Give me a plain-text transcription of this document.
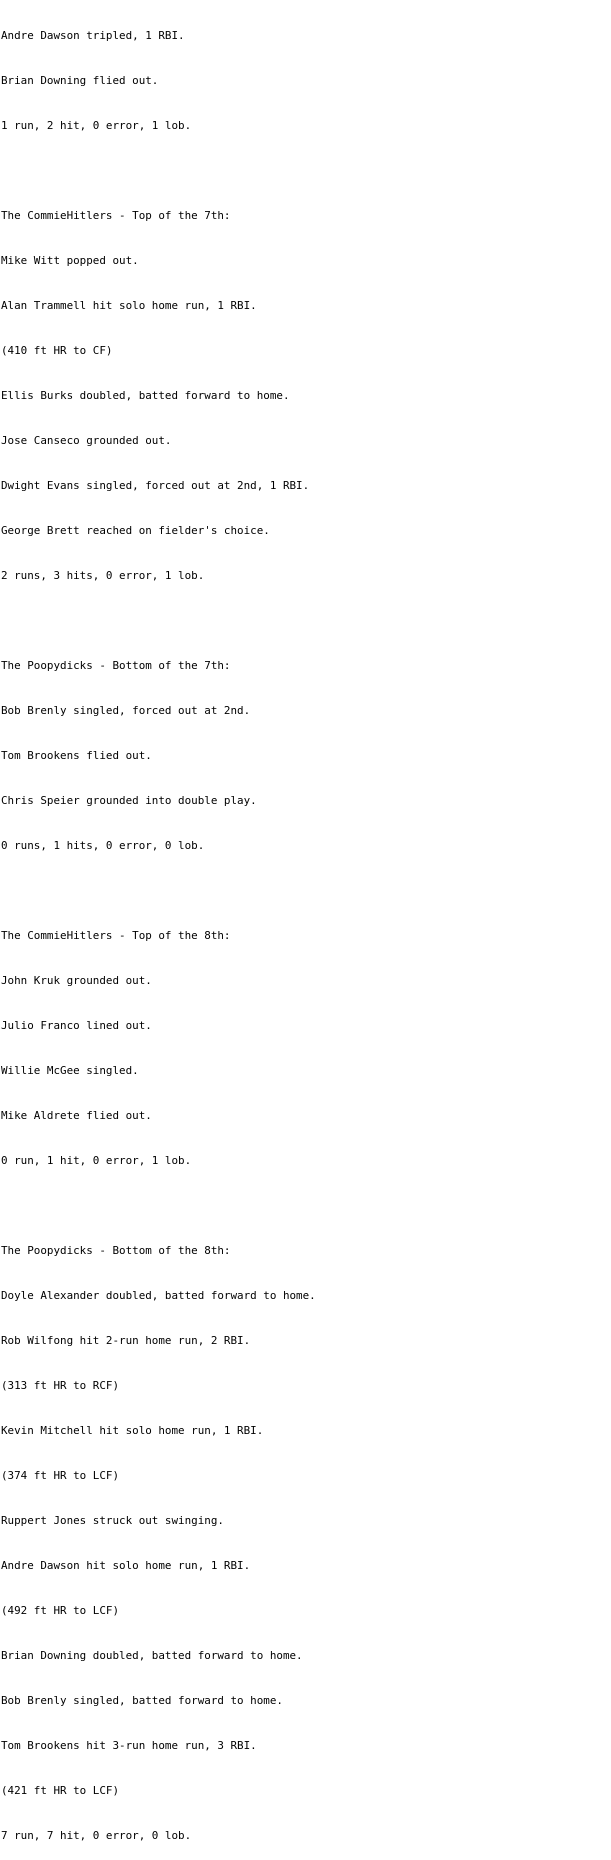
Andre Dawson tripled, 1 RBI.

Brian Downing flied out.

1 run, 2 hit, 0 error, 1 lob.

The CommieHitlers - Top of the 7th:

Mike Witt popped out.

Alan Trammell hit solo home run, 1 RBI.

(410 ft HR to CF)

Ellis Burks doubled, batted forward to home.

Jose Canseco grounded out.

Dwight Evans singled, forced out at 2nd, 1 RBI.

George Brett reached on fielder's choice.

2 runs, 3 hits, 0 error, 1 lob.

The Poopydicks - Bottom of the 7th:

Bob Brenly singled, forced out at 2nd.

Tom Brookens flied out.

Chris Speier grounded into double play.

0 runs, 1 hits, 0 error, 0 lob.

The CommieHitlers - Top of the 8th:

John Kruk grounded out.

Julio Franco lined out.

Willie McGee singled.

Mike Aldrete flied out.

0 run, 1 hit, 0 error, 1 lob.

The Poopydicks - Bottom of the 8th:

Doyle Alexander doubled, batted forward to home.

Rob Wilfong hit 2-run home run, 2 RBI.

(313 ft HR to RCF)

Kevin Mitchell hit solo home run, 1 RBI.

(374 ft HR to LCF)

Ruppert Jones struck out swinging.

Andre Dawson hit solo home run, 1 RBI.

(492 ft HR to LCF)

Brian Downing doubled, batted forward to home.

Bob Brenly singled, batted forward to home.

Tom Brookens hit 3-run home run, 3 RBI.

(421 ft HR to LCF)

7 run, 7 hit, 0 error, 0 lob.
